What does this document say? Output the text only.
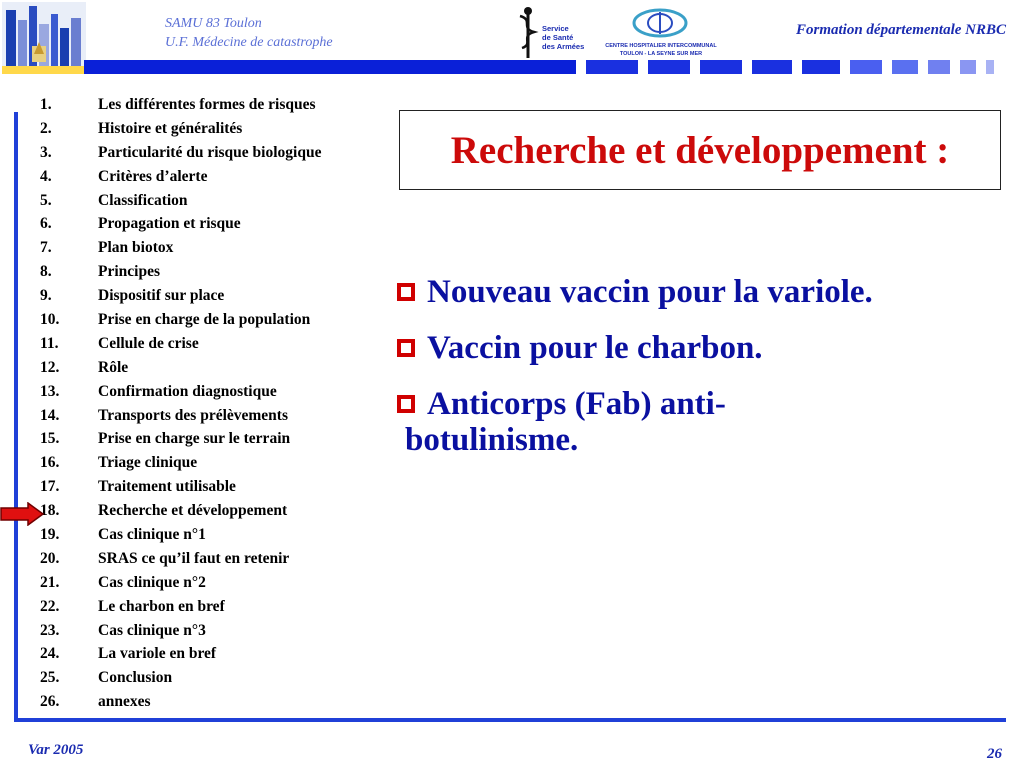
SAMU 83 Toulon
U.F. Médecine de catastrophe
Service
de Santé
des Armées	CENTRE HOSPITALIER INTERCOMMUNAL
TOULON - LA SEYNE SUR MER
Formation départementale NRBC
1.	Les différentes formes de risques
2.	Histoire et généralités
3.	Particularité du risque biologique
4.	Critères d’alerte
5.	Classification
6.	Propagation et risque
7.	Plan biotox
8.	Principes
9.	Dispositif sur place
10.	Prise en charge de la population
11.	Cellule de crise
12.	Rôle
13.	Confirmation diagnostique
14.	Transports des prélèvements
15.	Prise en charge sur le terrain
16.	Triage clinique
17.	Traitement utilisable
18.	Recherche et développement
19.	Cas clinique n°1
20.	SRAS ce qu’il faut en retenir
21.	Cas clinique n°2
22.	Le charbon en bref
23.	Cas clinique n°3
24.	La variole en bref
25.	Conclusion
26.	annexes
Recherche et développement :
Nouveau vaccin pour la variole.
Vaccin pour le charbon.
Anticorps (Fab) anti-
botulinisme.
Var 2005	26
